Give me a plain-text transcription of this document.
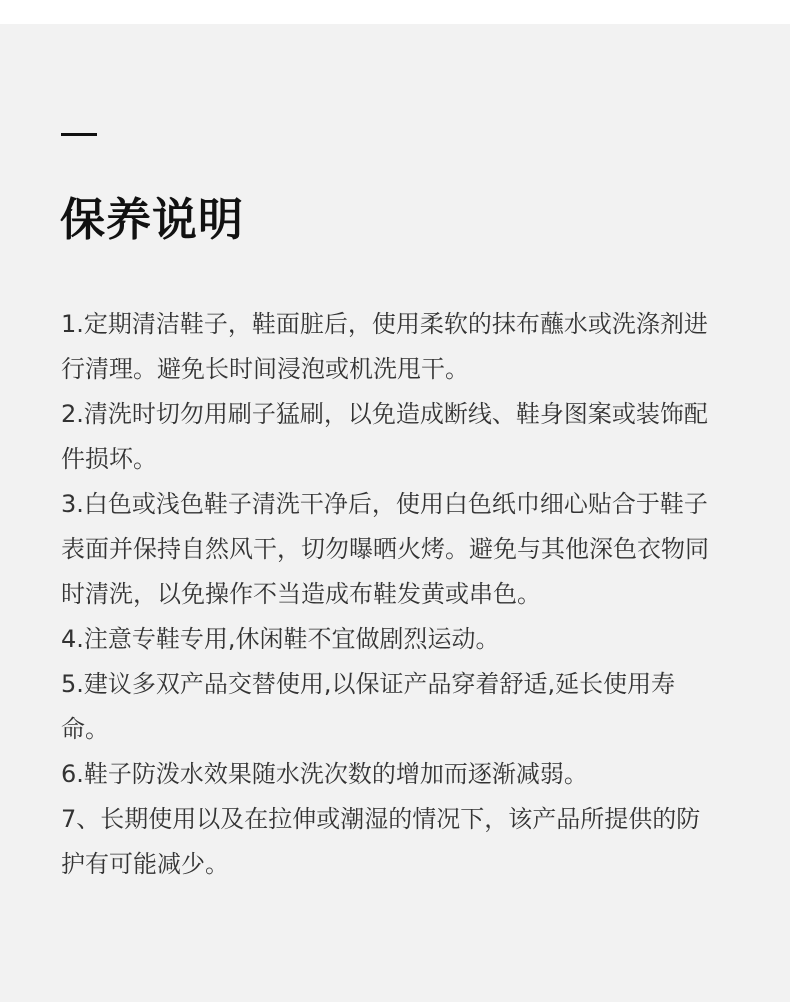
保养说明

1.定期清洁鞋子，鞋面脏后，使用柔软的抹布蘸水或洗涤剂进行清理。避免长时间浸泡或机洗甩干。

2.清洗时切勿用刷子猛刷，以免造成断线、鞋身图案或装饰配件损坏。

3.白色或浅色鞋子清洗干净后，使用白色纸巾细心贴合于鞋子表面并保持自然风干，切勿曝晒火烤。避免与其他深色衣物同时清洗，以免操作不当造成布鞋发黄或串色。

4.注意专鞋专用,休闲鞋不宜做剧烈运动。

5.建议多双产品交替使用,以保证产品穿着舒适,延长使用寿命。

6.鞋子防泼水效果随水洗次数的增加而逐渐减弱。

7、长期使用以及在拉伸或潮湿的情况下，该产品所提供的防护有可能减少。
